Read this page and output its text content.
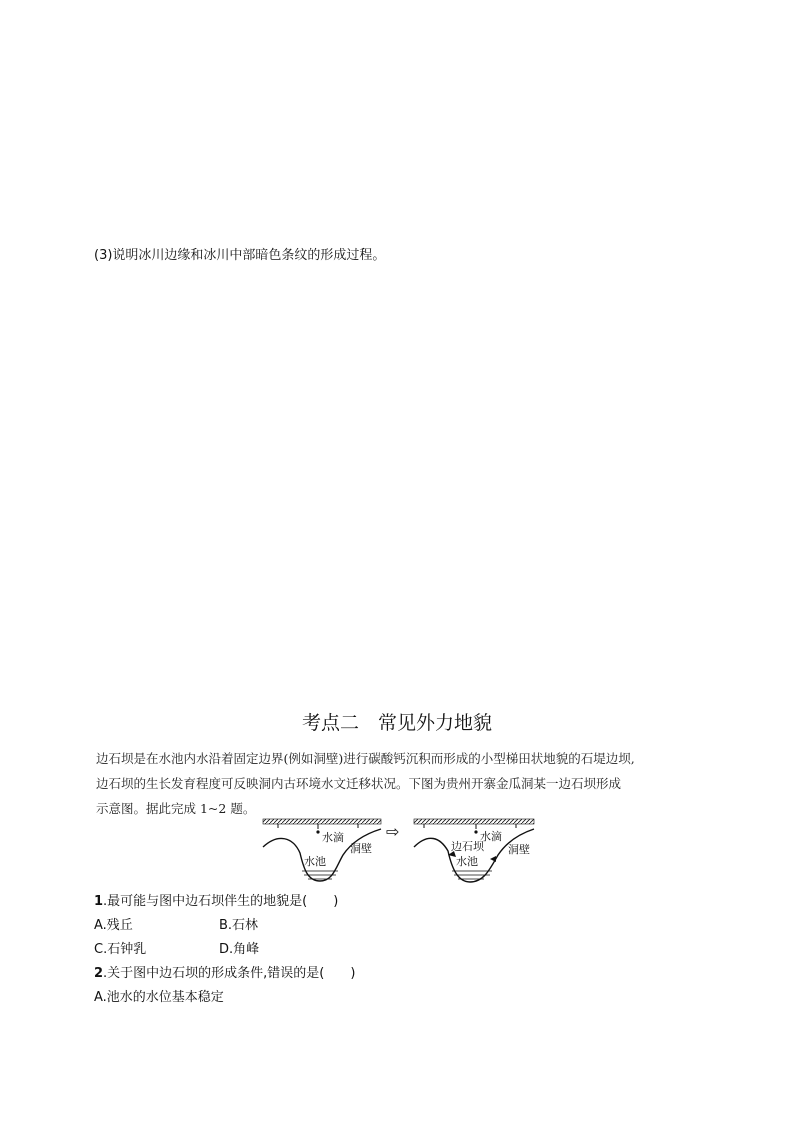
(3)说明冰川边缘和冰川中部暗色条纹的形成过程。
考点二　常见外力地貌
边石坝是在水池内水沿着固定边界(例如洞壁)进行碳酸钙沉积而形成的小型梯田状地貌的石堤边坝,
边石坝的生长发育程度可反映洞内古环境水文迁移状况。下图为贵州开寨金瓜洞某一边石坝形成
示意图。据此完成 1~2 题。
水滴
洞壁
水池
⇨	水滴
边石坝 洞壁
水池
1.最可能与图中边石坝伴生的地貌是(　　)
A.残丘	B.石林
C.石钟乳	D.角峰
2.关于图中边石坝的形成条件,错误的是(　　)
A.池水的水位基本稳定
